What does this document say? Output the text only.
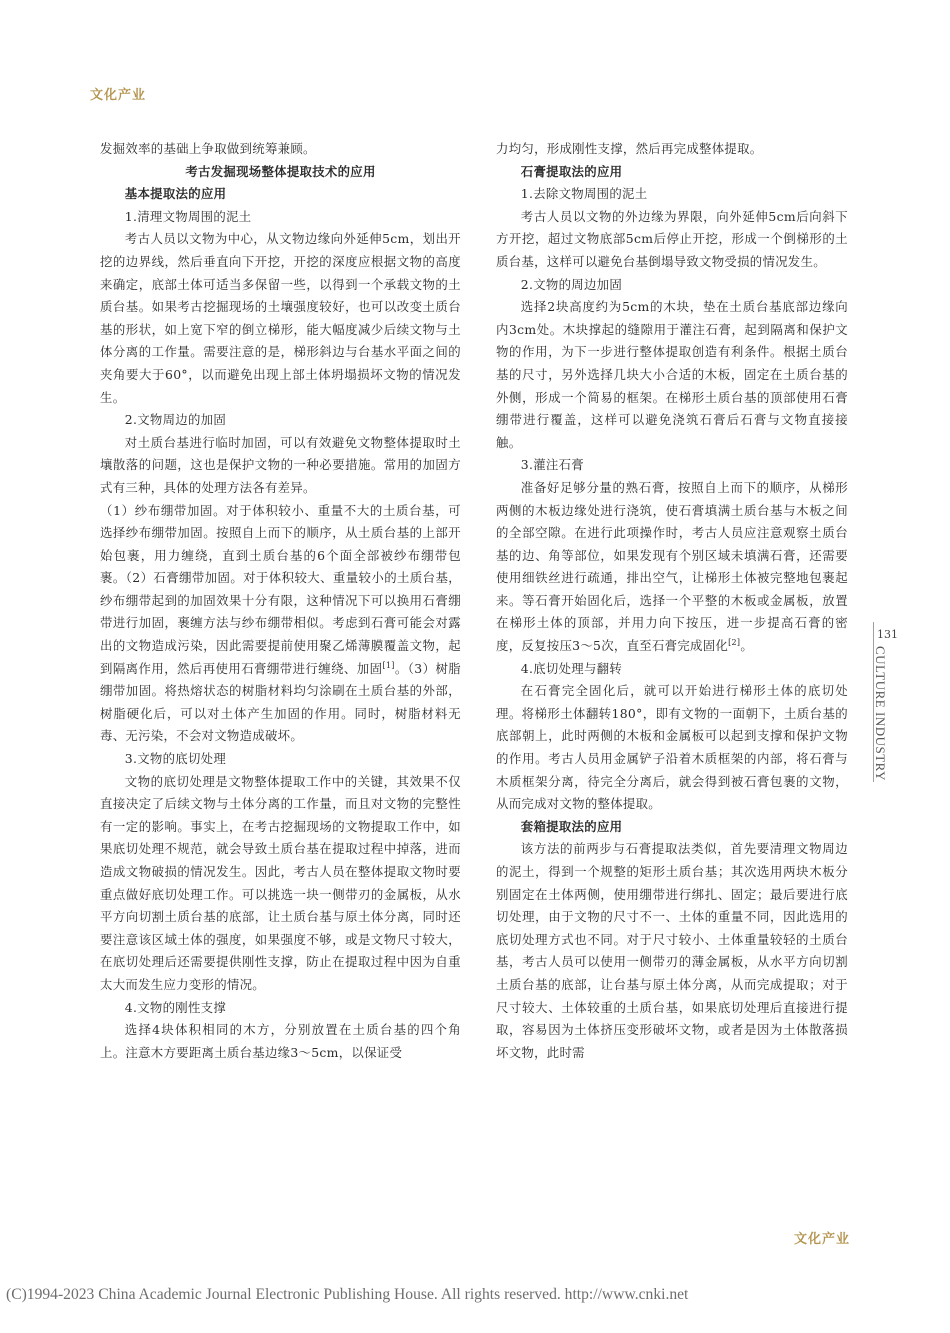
文化产业

发掘效率的基础上争取做到统筹兼顾。

考古发掘现场整体提取技术的应用

基本提取法的应用

1.清理文物周围的泥土

考古人员以文物为中心，从文物边缘向外延伸5cm，划出开挖的边界线，然后垂直向下开挖，开挖的深度应根据文物的高度来确定，底部土体可适当多保留一些，以得到一个承载文物的土质台基。如果考古挖掘现场的土壤强度较好，也可以改变土质台基的形状，如上宽下窄的倒立梯形，能大幅度减少后续文物与土体分离的工作量。需要注意的是，梯形斜边与台基水平面之间的夹角要大于60°，以而避免出现上部土体坍塌损坏文物的情况发生。

2.文物周边的加固

对土质台基进行临时加固，可以有效避免文物整体提取时土壤散落的问题，这也是保护文物的一种必要措施。常用的加固方式有三种，具体的处理方法各有差异。

（1）纱布绷带加固。对于体积较小、重量不大的土质台基，可选择纱布绷带加固。按照自上而下的顺序，从土质台基的上部开始包裹，用力缠绕，直到土质台基的6个面全部被纱布绷带包裹。（2）石膏绷带加固。对于体积较大、重量较小的土质台基，纱布绷带起到的加固效果十分有限，这种情况下可以换用石膏绷带进行加固，裹缠方法与纱布绷带相似。考虑到石膏可能会对露出的文物造成污染，因此需要提前使用聚乙烯薄膜覆盖文物，起到隔离作用，然后再使用石膏绷带进行缠绕、加固[1]。（3）树脂绷带加固。将热熔状态的树脂材料均匀涂刷在土质台基的外部，树脂硬化后，可以对土体产生加固的作用。同时，树脂材料无毒、无污染，不会对文物造成破坏。

3.文物的底切处理

文物的底切处理是文物整体提取工作中的关键，其效果不仅直接决定了后续文物与土体分离的工作量，而且对文物的完整性有一定的影响。事实上，在考古挖掘现场的文物提取工作中，如果底切处理不规范，就会导致土质台基在提取过程中掉落，进而造成文物破损的情况发生。因此，考古人员在整体提取文物时要重点做好底切处理工作。可以挑选一块一侧带刃的金属板，从水平方向切割土质台基的底部，让土质台基与原土体分离，同时还要注意该区域土体的强度，如果强度不够，或是文物尺寸较大，在底切处理后还需要提供刚性支撑，防止在提取过程中因为自重太大而发生应力变形的情况。

4.文物的刚性支撑

选择4块体积相同的木方，分别放置在土质台基的四个角上。注意木方要距离土质台基边缘3～5cm，以保证受

力均匀，形成刚性支撑，然后再完成整体提取。

石膏提取法的应用

1.去除文物周围的泥土

考古人员以文物的外边缘为界限，向外延伸5cm后向斜下方开挖，超过文物底部5cm后停止开挖，形成一个倒梯形的土质台基，这样可以避免台基倒塌导致文物受损的情况发生。

2.文物的周边加固

选择2块高度约为5cm的木块，垫在土质台基底部边缘向内3cm处。木块撑起的缝隙用于灌注石膏，起到隔离和保护文物的作用，为下一步进行整体提取创造有利条件。根据土质台基的尺寸，另外选择几块大小合适的木板，固定在土质台基的外侧，形成一个简易的框架。在梯形土质台基的顶部使用石膏绷带进行覆盖，这样可以避免浇筑石膏后石膏与文物直接接触。

3.灌注石膏

准备好足够分量的熟石膏，按照自上而下的顺序，从梯形两侧的木板边缘处进行浇筑，使石膏填满土质台基与木板之间的全部空隙。在进行此项操作时，考古人员应注意观察土质台基的边、角等部位，如果发现有个别区域未填满石膏，还需要使用细铁丝进行疏通，排出空气，让梯形土体被完整地包裹起来。等石膏开始固化后，选择一个平整的木板或金属板，放置在梯形土体的顶部，并用力向下按压，进一步提高石膏的密度，反复按压3～5次，直至石膏完成固化[2]。

4.底切处理与翻转

在石膏完全固化后，就可以开始进行梯形土体的底切处理。将梯形土体翻转180°，即有文物的一面朝下，土质台基的底部朝上，此时两侧的木板和金属板可以起到支撑和保护文物的作用。考古人员用金属铲子沿着木质框架的内部，将石膏与木质框架分离，待完全分离后，就会得到被石膏包裹的文物，从而完成对文物的整体提取。

套箱提取法的应用

该方法的前两步与石膏提取法类似，首先要清理文物周边的泥土，得到一个规整的矩形土质台基；其次选用两块木板分别固定在土体两侧，使用绷带进行绑扎、固定；最后要进行底切处理，由于文物的尺寸不一、土体的重量不同，因此选用的底切处理方式也不同。对于尺寸较小、土体重量较轻的土质台基，考古人员可以使用一侧带刃的薄金属板，从水平方向切割土质台基的底部，让台基与原土体分离，从而完成提取；对于尺寸较大、土体较重的土质台基，如果底切处理后直接进行提取，容易因为土体挤压变形破坏文物，或者是因为土体散落损坏文物，此时需

131
CULTURE INDUSTRY
文化产业
(C)1994-2023 China Academic Journal Electronic Publishing House. All rights reserved. http://www.cnki.net
